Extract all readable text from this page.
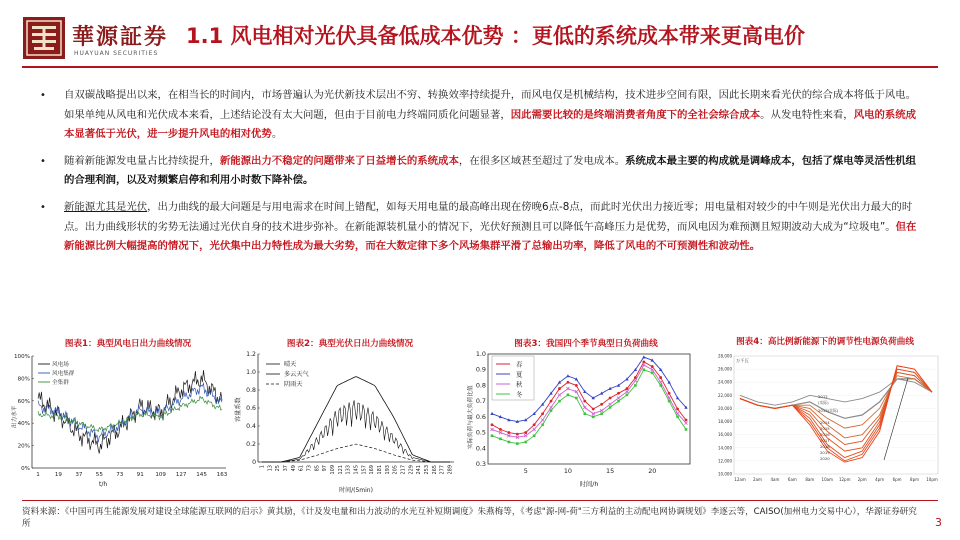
華源証券
HUAYUAN SECURITIES
1.1 风电相对光伏具备低成本优势 ：更低的系统成本带来更高电价
• 自双碳战略提出以来，在相当长的时间内，市场普遍认为光伏新技术层出不穷、转换效率持续提升，而风电仅是机械结构，技术进步空间有限，因此长期来看光伏的综合成本将低于风电。如果单纯从风电和光伏成本来看，上述结论没有太大问题，但由于目前电力终端同质化问题显著，因此需要比较的是终端消费者角度下的全社会综合成本。从发电特性来看，风电的系统成本显著低于光伏，进一步提升风电的相对优势。
• 随着新能源发电量占比持续提升，新能源出力不稳定的问题带来了日益增长的系统成本，在很多区域甚至超过了发电成本。系统成本最主要的构成就是调峰成本，包括了煤电等灵活性机组的合理利润，以及对频繁启停和利用小时数下降补偿。
• 新能源尤其是光伏，出力曲线的最大问题是与用电需求在时间上错配，如每天用电量的最高峰出现在傍晚6点-8点，而此时光伏出力接近零；用电量相对较少的中午则是光伏出力最大的时点。出力曲线形状的劣势无法通过光伏自身的技术进步弥补。在新能源装机量小的情况下，光伏好预测且可以降低午高峰压力是优势，而风电因为难预测且短期波动大成为“垃圾电”。但在新能源比例大幅提高的情况下，光伏集中出力特性成为最大劣势，而在大数定律下多个风场集群平滑了总输出功率，降低了风电的不可预测性和波动性。
图表1：典型风电日出力曲线情况	图表2：典型光伏日出力曲线情况	图表3：我国四个季节典型日负荷曲线	图表4：高比例新能源下的调节性电源负荷曲线
100%
80%
60%
40%
20%
0%
1	19 37 55 73 91 109 127 145 163
t/h
出力水平
风电场
风电集群
全集群
1.2
1.0
0.8
0.6
0.4
0.2
0
1 13 25 37 49 61 73 85 97 109 121 133 145 157 169 181 193 205 217 229 241 253 265 277 289
时间/(5min)
容量系数
晴天
多云天气
阴雨天
1.0
0.9
0.8
0.7
0.6
0.5
0.4
0.3
5	10	15	20
时间/h
实际负荷与最大负荷比值
春
夏
秋
冬
28,000
26,000
24,000
22,000
20,000
18,000
16,000
14,000
12,000
10,000
万千瓦
12am 2am 4am 6am 8am 10am 12pm 2pm 4pm 6pm 8pm 10pm
2012
(实际)
2013(实际)
2014
2015
2016
2017
2018
2019
2020
资料来源：《中国可再生能源发展对建设全球能源互联网的启示》黄其励，《计及发电量和出力波动的水光互补短期调度》朱燕梅等，《考虑"源-网-荷"三方利益的主动配电网协调规划》李逐云等，CAISO(加州电力交易中心），华源证券研究所	3
